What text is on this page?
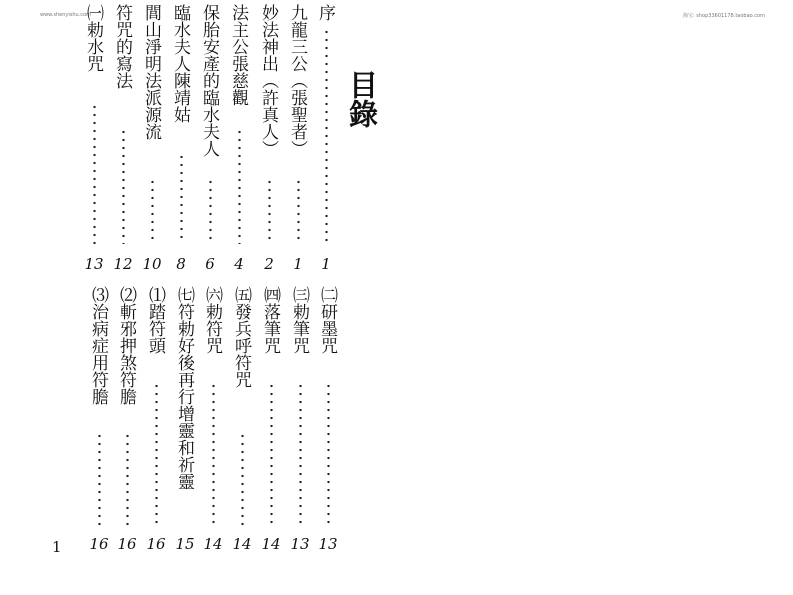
www.shenyishu.com	淘宝: shop33601178.taobao.com
目錄
序
1
九龍三公（張聖者）
1
妙法神出（許真人）
2
法主公張慈觀
4
保胎安產的臨水夫人
6
臨水夫人陳靖姑
8
閭山淨明法派源流
10
符咒的寫法
12
㈠勅水咒
13
㈡研墨咒
13
㈢勅筆咒
13
㈣落筆咒
14
㈤發兵呼符咒
14
㈥勅符咒
14
㈦符勅好後再行增靈和祈靈
15
⑴踏符頭
16
⑵斬邪押煞符膽
16
⑶治病症用符膽
16
1
